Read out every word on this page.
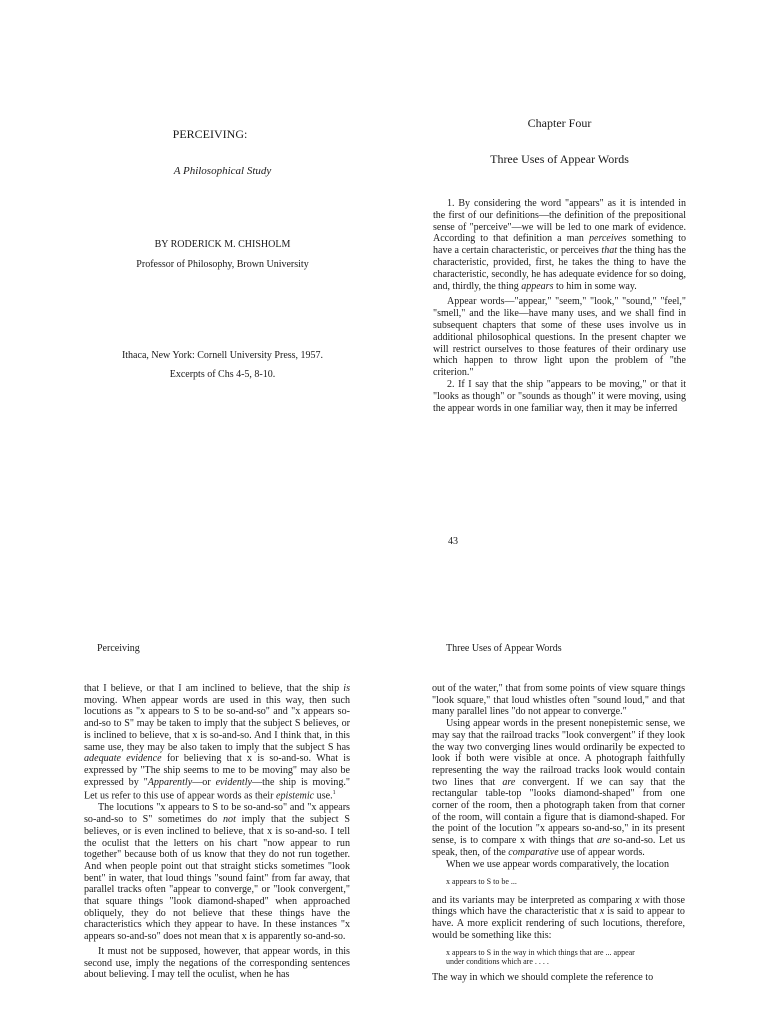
PERCEIVING:
A Philosophical Study
BY RODERICK M. CHISHOLM
Professor of Philosophy, Brown University
Ithaca, New York: Cornell University Press, 1957.
Excerpts of Chs 4-5, 8-10.
Chapter Four
Three Uses of Appear Words

1. By considering the word "appears" as it is intended in the first of our definitions—the definition of the prepositional sense of "perceive"—we will be led to one mark of evidence. According to that definition a man perceives something to have a certain characteristic, or perceives that the thing has the characteristic, provided, first, he takes the thing to have the characteristic, secondly, he has adequate evidence for so doing, and, thirdly, the thing appears to him in some way.

Appear words—"appear," "seem," "look," "sound," "feel," "smell," and the like—have many uses, and we shall find in subsequent chapters that some of these uses involve us in additional philosophical questions. In the present chapter we will restrict ourselves to those features of their ordinary use which happen to throw light upon the problem of "the criterion."

2. If I say that the ship "appears to be moving," or that it "looks as though" or "sounds as though" it were moving, using the appear words in one familiar way, then it may be inferred

43
Perceiving

that I believe, or that I am inclined to believe, that the ship is moving. When appear words are used in this way, then such locutions as "x appears to S to be so-and-so" and "x appears so-and-so to S" may be taken to imply that the subject S believes, or is inclined to believe, that x is so-and-so. And I think that, in this same use, they may be also taken to imply that the subject S has adequate evidence for believing that x is so-and-so. What is expressed by "The ship seems to me to be moving" may also be expressed by "Apparently—or evidently—the ship is moving." Let us refer to this use of appear words as their epistemic use.$^1$

The locutions "x appears to S to be so-and-so" and "x appears so-and-so to S" sometimes do not imply that the subject S believes, or is even inclined to believe, that x is so-and-so. I tell the oculist that the letters on his chart "now appear to run together" because both of us know that they do not run together. And when people point out that straight sticks sometimes "look bent" in water, that loud things "sound faint" from far away, that parallel tracks often "appear to converge," or "look convergent," that square things "look diamond-shaped" when approached obliquely, they do not believe that these things have the characteristics which they appear to have. In these instances "x appears so-and-so" does not mean that x is apparently so-and-so.

It must not be supposed, however, that appear words, in this second use, imply the negations of the corresponding sentences about believing. I may tell the oculist, when he has

Three Uses of Appear Words

out of the water," that from some points of view square things "look square," that loud whistles often "sound loud," and that many parallel lines "do not appear to converge."

Using appear words in the present nonepistemic sense, we may say that the railroad tracks "look convergent" if they look the way two converging lines would ordinarily be expected to look if both were visible at once. A photograph faithfully representing the way the railroad tracks look would contain two lines that are convergent. If we can say that the rectangular table-top "looks diamond-shaped" from one corner of the room, then a photograph taken from that corner of the room, will contain a figure that is diamond-shaped. For the point of the locution "x appears so-and-so," in its present sense, is to compare x with things that are so-and-so. Let us speak, then, of the comparative use of appear words.

When we use appear words comparatively, the location

x appears to S to be ...

and its variants may be interpreted as comparing x with those things which have the characteristic that x is said to appear to have. A more explicit rendering of such locutions, therefore, would be something like this:

x appears to S in the way in which things that are ... appear under conditions which are . . . .

The way in which we should complete the reference to
